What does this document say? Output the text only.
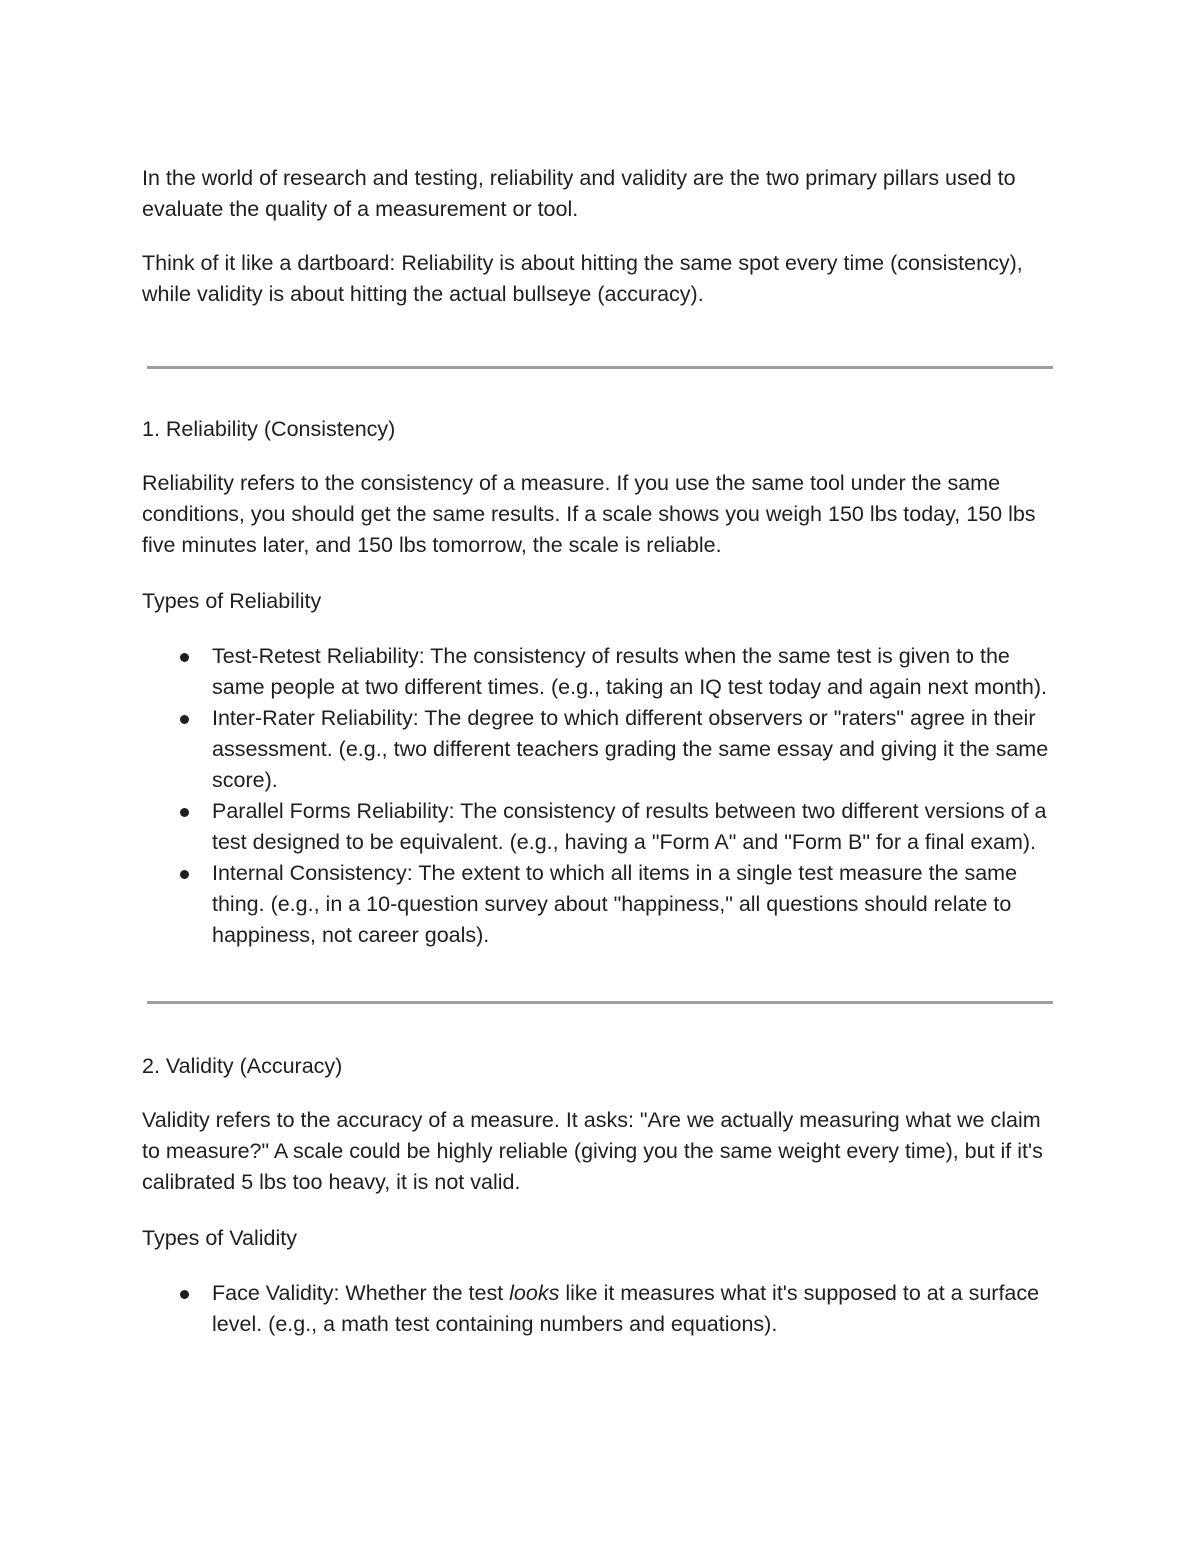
In the world of research and testing, reliability and validity are the two primary pillars used to evaluate the quality of a measurement or tool.

Think of it like a dartboard: Reliability is about hitting the same spot every time (consistency), while validity is about hitting the actual bullseye (accuracy).

1. Reliability (Consistency)

Reliability refers to the consistency of a measure. If you use the same tool under the same conditions, you should get the same results. If a scale shows you weigh 150 lbs today, 150 lbs five minutes later, and 150 lbs tomorrow, the scale is reliable.

Types of Reliability

Test-Retest Reliability: The consistency of results when the same test is given to the same people at two different times. (e.g., taking an IQ test today and again next month).
Inter-Rater Reliability: The degree to which different observers or "raters" agree in their assessment. (e.g., two different teachers grading the same essay and giving it the same score).
Parallel Forms Reliability: The consistency of results between two different versions of a test designed to be equivalent. (e.g., having a "Form A" and "Form B" for a final exam).
Internal Consistency: The extent to which all items in a single test measure the same thing. (e.g., in a 10-question survey about "happiness," all questions should relate to happiness, not career goals).

2. Validity (Accuracy)

Validity refers to the accuracy of a measure. It asks: "Are we actually measuring what we claim to measure?" A scale could be highly reliable (giving you the same weight every time), but if it's calibrated 5 lbs too heavy, it is not valid.

Types of Validity

Face Validity: Whether the test looks like it measures what it's supposed to at a surface level. (e.g., a math test containing numbers and equations).
